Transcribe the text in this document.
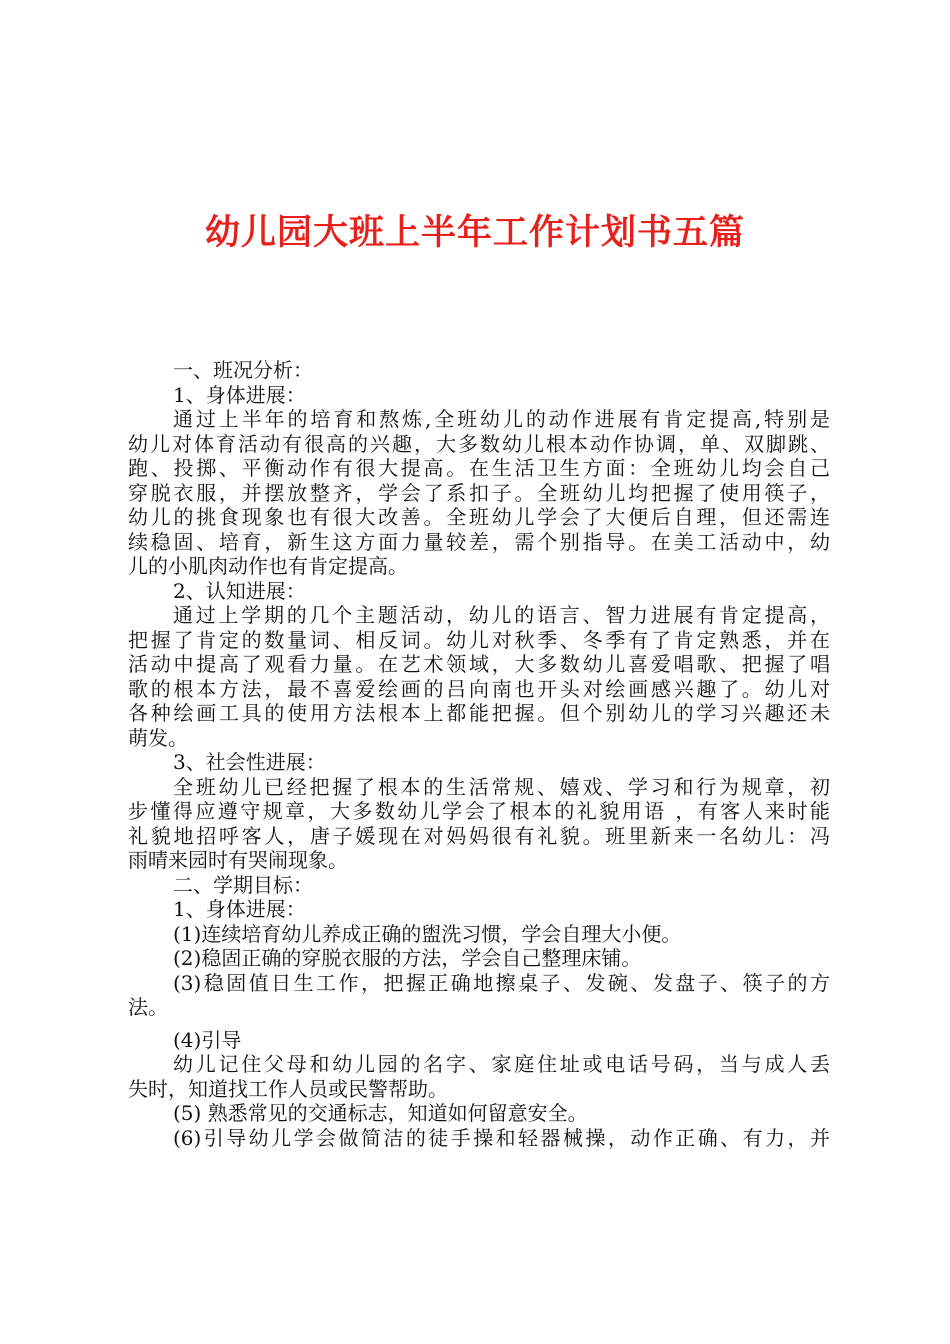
幼儿园大班上半年工作计划书五篇
一、班况分析：
1、身体进展：
通过上半年的培育和熬炼,全班幼儿的动作进展有肯定提高,特别是
幼儿对体育活动有很高的兴趣，大多数幼儿根本动作协调，单、双脚跳、
跑、投掷、平衡动作有很大提高。在生活卫生方面：全班幼儿均会自己
穿脱衣服，并摆放整齐，学会了系扣子。全班幼儿均把握了使用筷子，
幼儿的挑食现象也有很大改善。全班幼儿学会了大便后自理，但还需连
续稳固、培育，新生这方面力量较差，需个别指导。在美工活动中，幼
儿的小肌肉动作也有肯定提高。
2、认知进展：
通过上学期的几个主题活动，幼儿的语言、智力进展有肯定提高，
把握了肯定的数量词、相反词。幼儿对秋季、冬季有了肯定熟悉，并在
活动中提高了观看力量。在艺术领域，大多数幼儿喜爱唱歌、把握了唱
歌的根本方法，最不喜爱绘画的吕向南也开头对绘画感兴趣了。幼儿对
各种绘画工具的使用方法根本上都能把握。但个别幼儿的学习兴趣还未
萌发。
3、社会性进展：
全班幼儿已经把握了根本的生活常规、嬉戏、学习和行为规章，初
步懂得应遵守规章，大多数幼儿学会了根本的礼貌用语 ，有客人来时能
礼貌地招呼客人，唐子媛现在对妈妈很有礼貌。班里新来一名幼儿：冯
雨晴来园时有哭闹现象。
二、学期目标：
1、身体进展：
(1)连续培育幼儿养成正确的盥洗习惯，学会自理大小便。
(2)稳固正确的穿脱衣服的方法，学会自己整理床铺。
(3)稳固值日生工作，把握正确地擦桌子、发碗、发盘子、筷子的方
法。
(4)引导
幼儿记住父母和幼儿园的名字、家庭住址或电话号码，当与成人丢
失时，知道找工作人员或民警帮助。
(5) 熟悉常见的交通标志，知道如何留意安全。
(6)引导幼儿学会做简洁的徒手操和轻器械操，动作正确、有力，并
